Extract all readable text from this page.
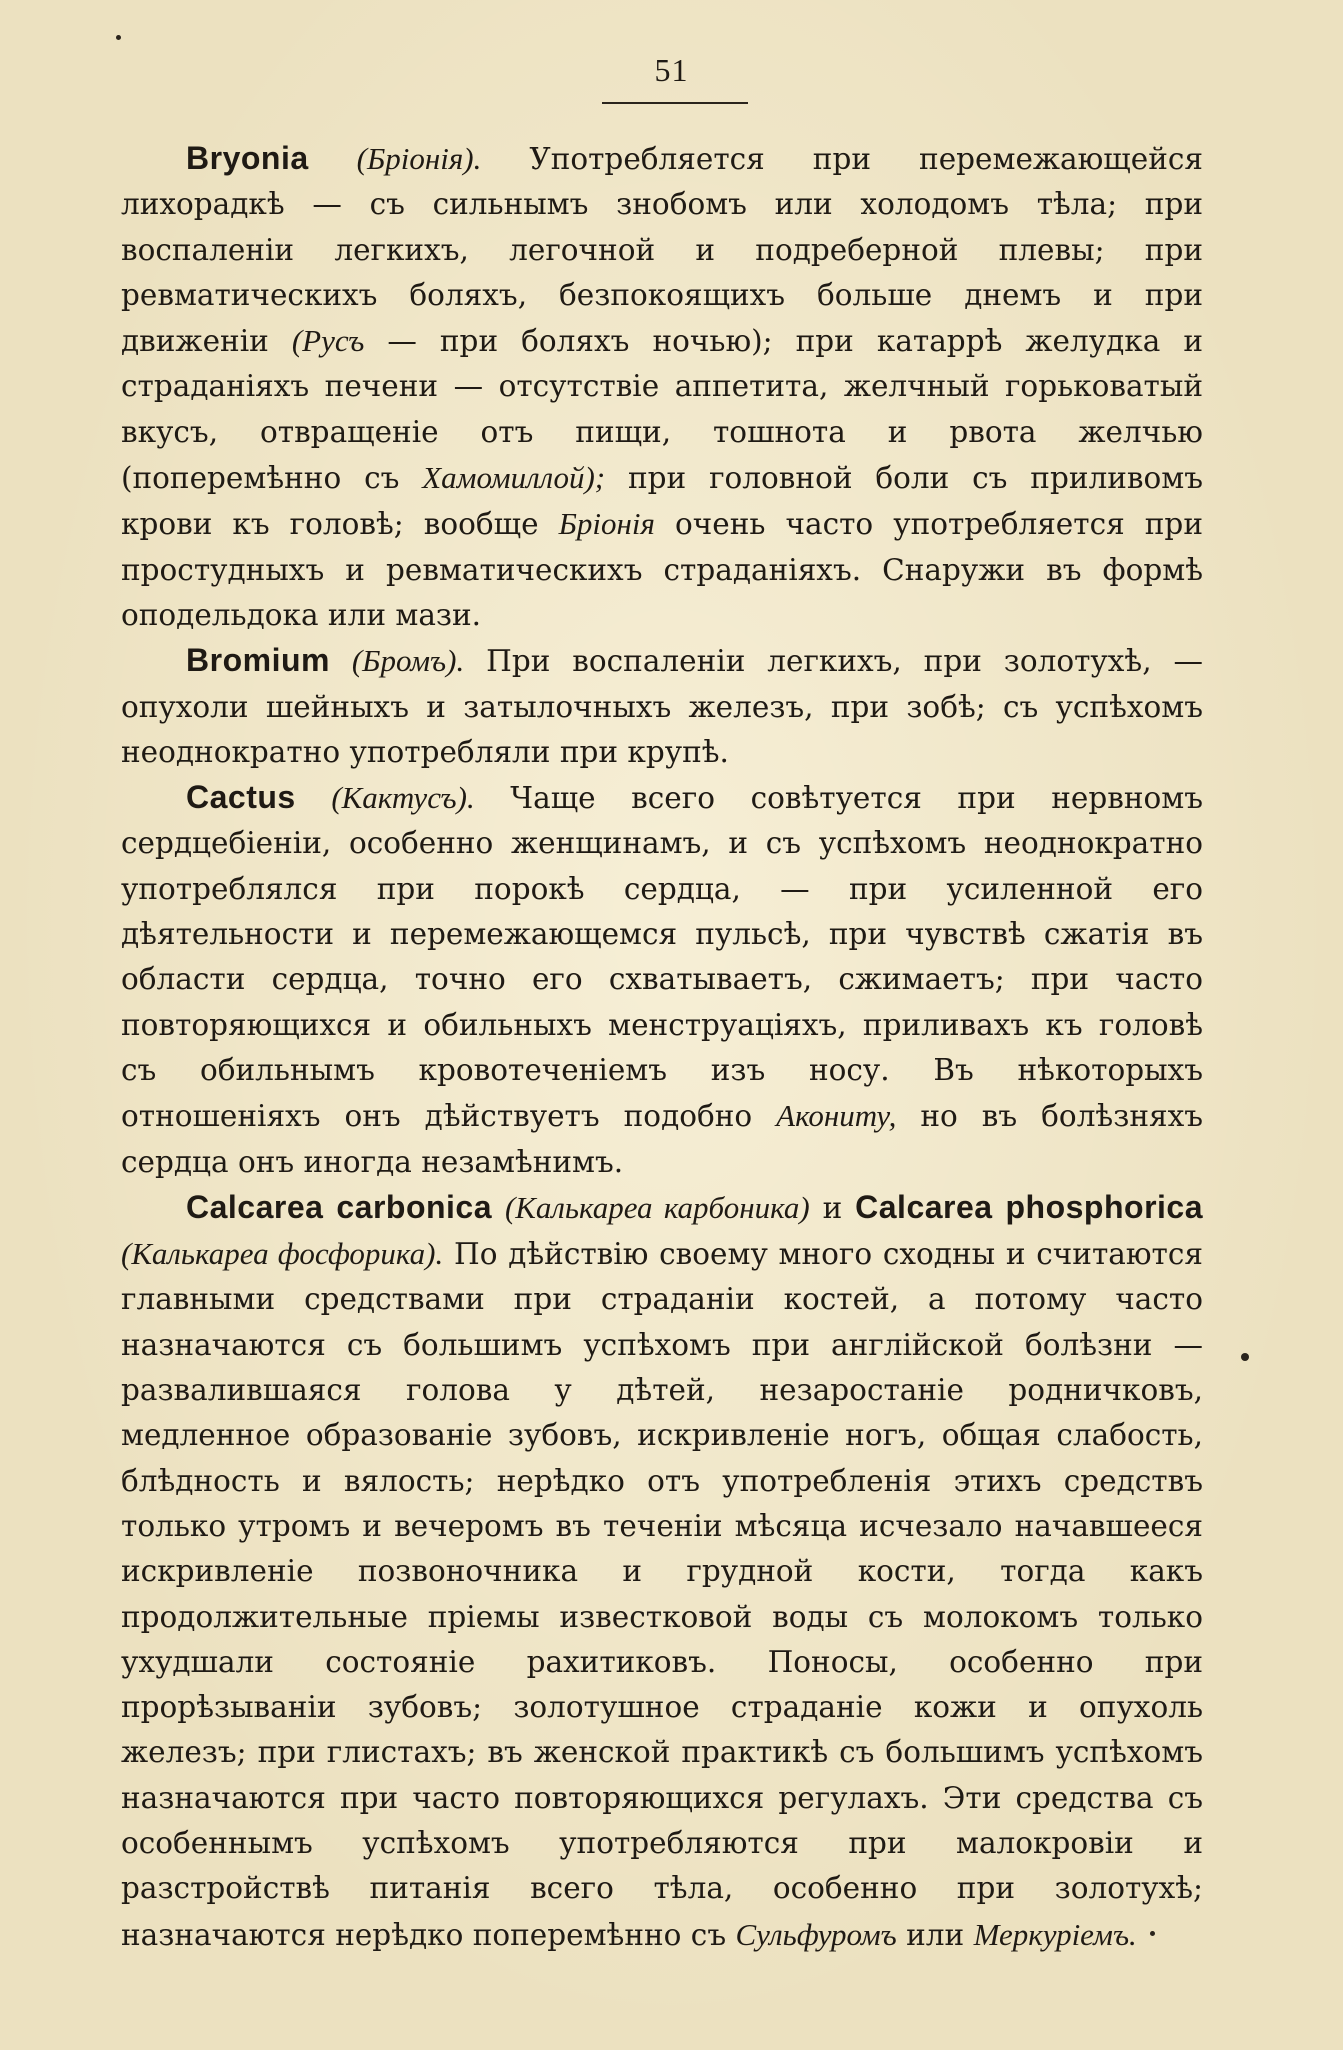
51

Bryonia (Бріонія). Употребляется при перемежающейся лихорадкѣ — съ сильнымъ знобомъ или холодомъ тѣла; при воспаленіи легкихъ, легочной и подреберной плевы; при ревматическихъ боляхъ, безпокоящихъ больше днемъ и при движеніи (Русъ — при боляхъ ночью); при катаррѣ желудка и страданіяхъ печени — отсутствіе аппетита, желчный горьковатый вкусъ, отвращеніе отъ пищи, тошнота и рвота желчью (поперемѣнно съ Хамомиллой); при головной боли съ приливомъ крови къ головѣ; вообще Бріонія очень часто употребляется при простудныхъ и ревматическихъ страданіяхъ. Снаружи въ формѣ оподельдока или мази.

Bromium (Бромъ). При воспаленіи легкихъ, при золотухѣ, — опухоли шейныхъ и затылочныхъ железъ, при зобѣ; съ успѣхомъ неоднократно употребляли при крупѣ.

Cactus (Кактусъ). Чаще всего совѣтуется при нервномъ сердцебіеніи, особенно женщинамъ, и съ успѣхомъ неоднократно употреблялся при порокѣ сердца, — при усиленной его дѣятельности и перемежающемся пульсѣ, при чувствѣ сжатія въ области сердца, точно его схватываетъ, сжимаетъ; при часто повторяющихся и обильныхъ менструаціяхъ, приливахъ къ головѣ съ обильнымъ кровотеченіемъ изъ носу. Въ нѣкоторыхъ отношеніяхъ онъ дѣйствуетъ подобно Акониту, но въ болѣзняхъ сердца онъ иногда незамѣнимъ.

Calcarea carbonica (Калькареа карбоника) и Calcarea phosphorica (Калькареа фосфорика). По дѣйствію своему много сходны и считаются главными средствами при страданіи костей, а потому часто назначаются съ большимъ успѣхомъ при англійской болѣзни — развалившаяся голова у дѣтей, незаростаніе родничковъ, медленное образованіе зубовъ, искривленіе ногъ, общая слабость, блѣдность и вялость; нерѣдко отъ употребленія этихъ средствъ только утромъ и вечеромъ въ теченіи мѣсяца исчезало начавшееся искривленіе позвоночника и грудной кости, тогда какъ продолжительные пріемы известковой воды съ молокомъ только ухудшали состояніе рахитиковъ. Поносы, особенно при прорѣзываніи зубовъ; золотушное страданіе кожи и опухоль железъ; при глистахъ; въ женской практикѣ съ большимъ успѣхомъ назначаются при часто повторяющихся регулахъ. Эти средства съ особеннымъ успѣхомъ употребляются при малокровіи и разстройствѣ питанія всего тѣла, особенно при золотухѣ; назначаются нерѣдко поперемѣнно съ Сульфуромъ или Меркуріемъ.
